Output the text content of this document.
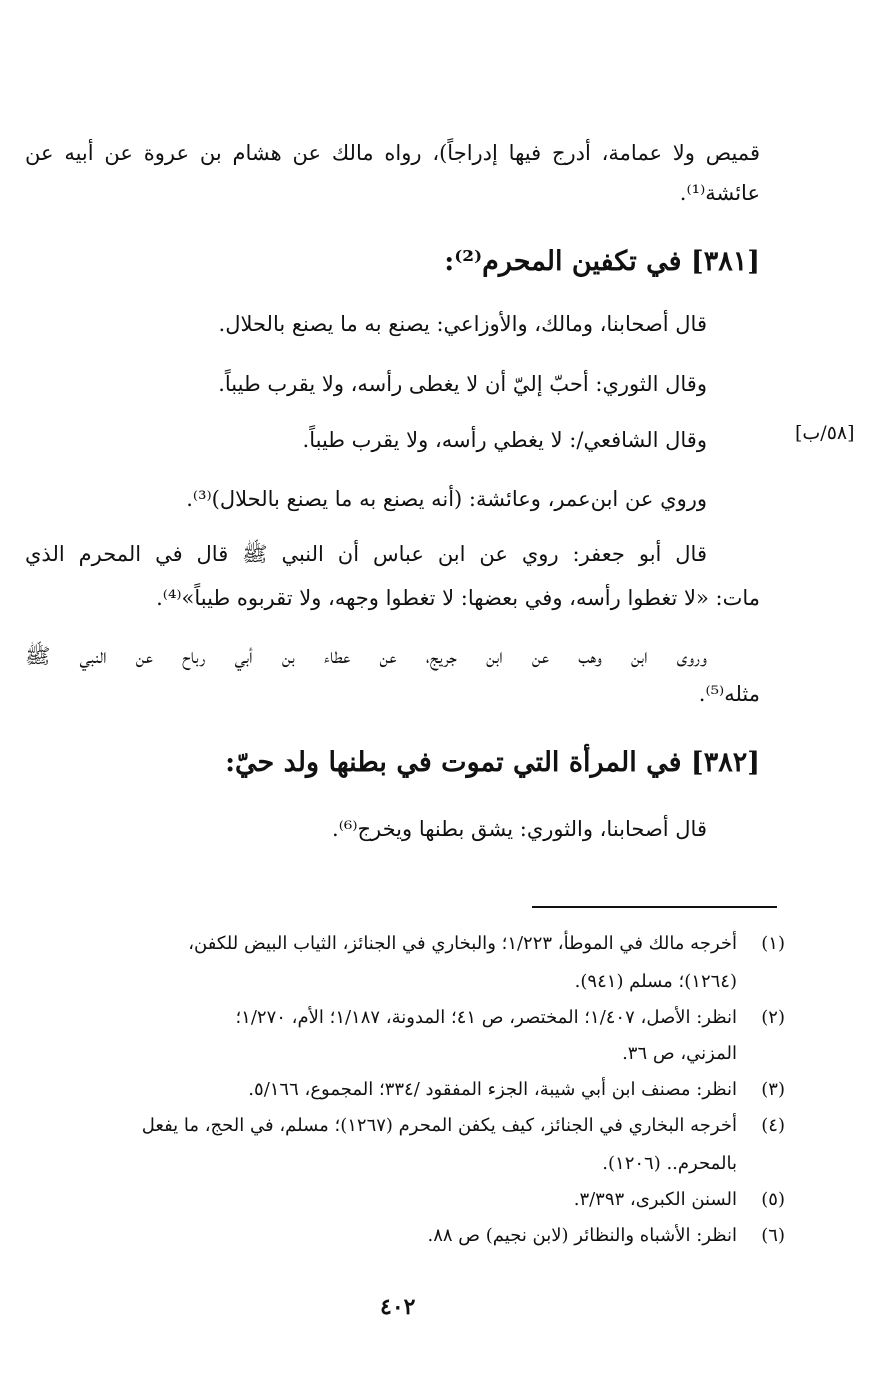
قميص ولا عمامة، أدرج فيها إدراجاً)، رواه مالك عن هشام بن عروة عن أبيه عن
عائشة⁽¹⁾.
[٣٨١] في تكفين المحرم⁽²⁾:
قال أصحابنا، ومالك، والأوزاعي: يصنع به ما يصنع بالحلال.
وقال الثوري: أحبّ إليّ أن لا يغطى رأسه، ولا يقرب طيباً.
وقال الشافعي/: لا يغطي رأسه، ولا يقرب طيباً.	[٥٨/ب]
وروي عن ابن‌عمر، وعائشة: (أنه يصنع به ما يصنع بالحلال)⁽³⁾.
قال أبو جعفر: روي عن ابن عباس أن النبي ﷺ قال في المحرم الذي
مات: «لا تغطوا رأسه، وفي بعضها: لا تغطوا وجهه، ولا تقربوه طيباً»⁽⁴⁾.
وروى ابن وهب عن ابن جريج، عن عطاء بن أبي رباح عن النبي ﷺ
مثله⁽⁵⁾.
[٣٨٢] في المرأة التي تموت في بطنها ولد حيّ:
قال أصحابنا، والثوري: يشق بطنها ويخرج⁽⁶⁾.
(١)أخرجه مالك في الموطأ، ١/٢٢٣؛ والبخاري في الجنائز، الثياب البيض للكفن،
(١٢٦٤)؛ مسلم (٩٤١).
(٢)انظر: الأصل، ١/٤٠٧؛ المختصر، ص ٤١؛ المدونة، ١/١٨٧؛ الأم، ١/٢٧٠؛
المزني، ص ٣٦.
(٣)انظر: مصنف ابن أبي شيبة، الجزء المفقود /٣٣٤؛ المجموع، ٥/١٦٦.
(٤)أخرجه البخاري في الجنائز، كيف يكفن المحرم (١٢٦٧)؛ مسلم، في الحج، ما يفعل
بالمحرم.. (١٢٠٦).
(٥)السنن الكبرى، ٣/٣٩٣.
(٦)انظر: الأشباه والنظائر (لابن نجيم) ص ٨٨.
٤٠٢
